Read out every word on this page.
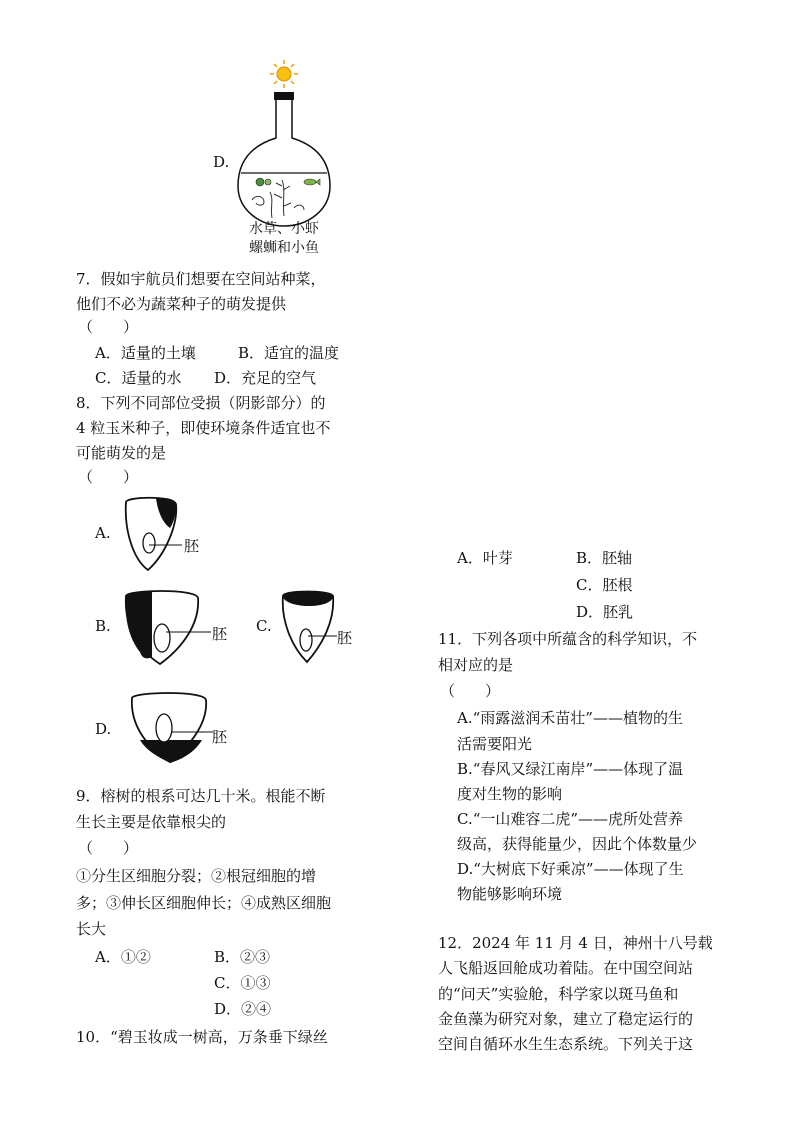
D.
水草、小虾
螺蛳和小鱼
7．假如宇航员们想要在空间站种菜，
他们不必为蔬菜种子的萌发提供
（　　）
A．适量的土壤	B．适宜的温度
C．适量的水 D．充足的空气
8．下列不同部位受损（阴影部分）的
4 粒玉米种子，即使环境条件适宜也不
可能萌发的是
（　　）
A.
胚
B.	胚 C.
胚
D.	胚
9．榕树的根系可达几十米。根能不断
生长主要是依靠根尖的
（　　）
①分生区细胞分裂；②根冠细胞的增
多；③伸长区细胞伸长；④成熟区细胞
长大
A．①②	B．②③
C．①③
D．②④
10．“碧玉妆成一树高，万条垂下绿丝
A．叶芽	B．胚轴
C．胚根
D．胚乳
11．下列各项中所蕴含的科学知识，不
相对应的是
（　　）
A.“雨露滋润禾苗壮”——植物的生
活需要阳光
B.“春风又绿江南岸”——体现了温
度对生物的影响
C.“一山难容二虎”——虎所处营养
级高，获得能量少，因此个体数量少
D.“大树底下好乘凉”——体现了生
物能够影响环境
12．2024 年 11 月 4 日，神州十八号载
人飞船返回舱成功着陆。在中国空间站
的“问天”实验舱，科学家以斑马鱼和
金鱼藻为研究对象，建立了稳定运行的
空间自循环水生生态系统。下列关于这
